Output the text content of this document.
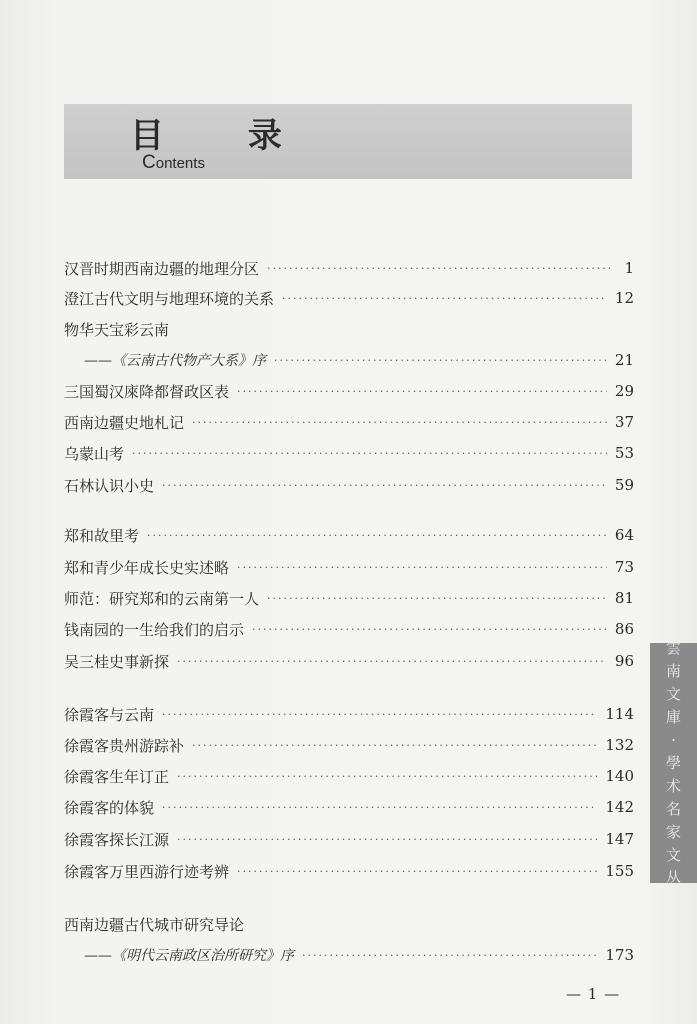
目 录
Contents
汉晋时期西南边疆的地理分区 ·····	1
澄江古代文明与地理环境的关系 ·····	12
物华天宝彩云南
——《云南古代物产大系》序 ·····	21
三国蜀汉庲降都督政区表 ·····	29
西南边疆史地札记 ·····	37
乌蒙山考 ·····	53
石林认识小史 ·····	59
郑和故里考 ·····	64
郑和青少年成长史实述略 ·····	73
师范：研究郑和的云南第一人 ·····	81
钱南园的一生给我们的启示 ·····	86
吴三桂史事新探 ·····	96
徐霞客与云南 ·····	114
徐霞客贵州游踪补 ·····	132
徐霞客生年订正 ·····	140
徐霞客的体貌 ·····	142
徐霞客探长江源 ·····	147
徐霞客万里西游行迹考辨 ·····	155
西南边疆古代城市研究导论
——《明代云南政区治所研究》序 ·····	173
雲
南
文
庫
·
學
术
名
家
文
丛
— 1 —
